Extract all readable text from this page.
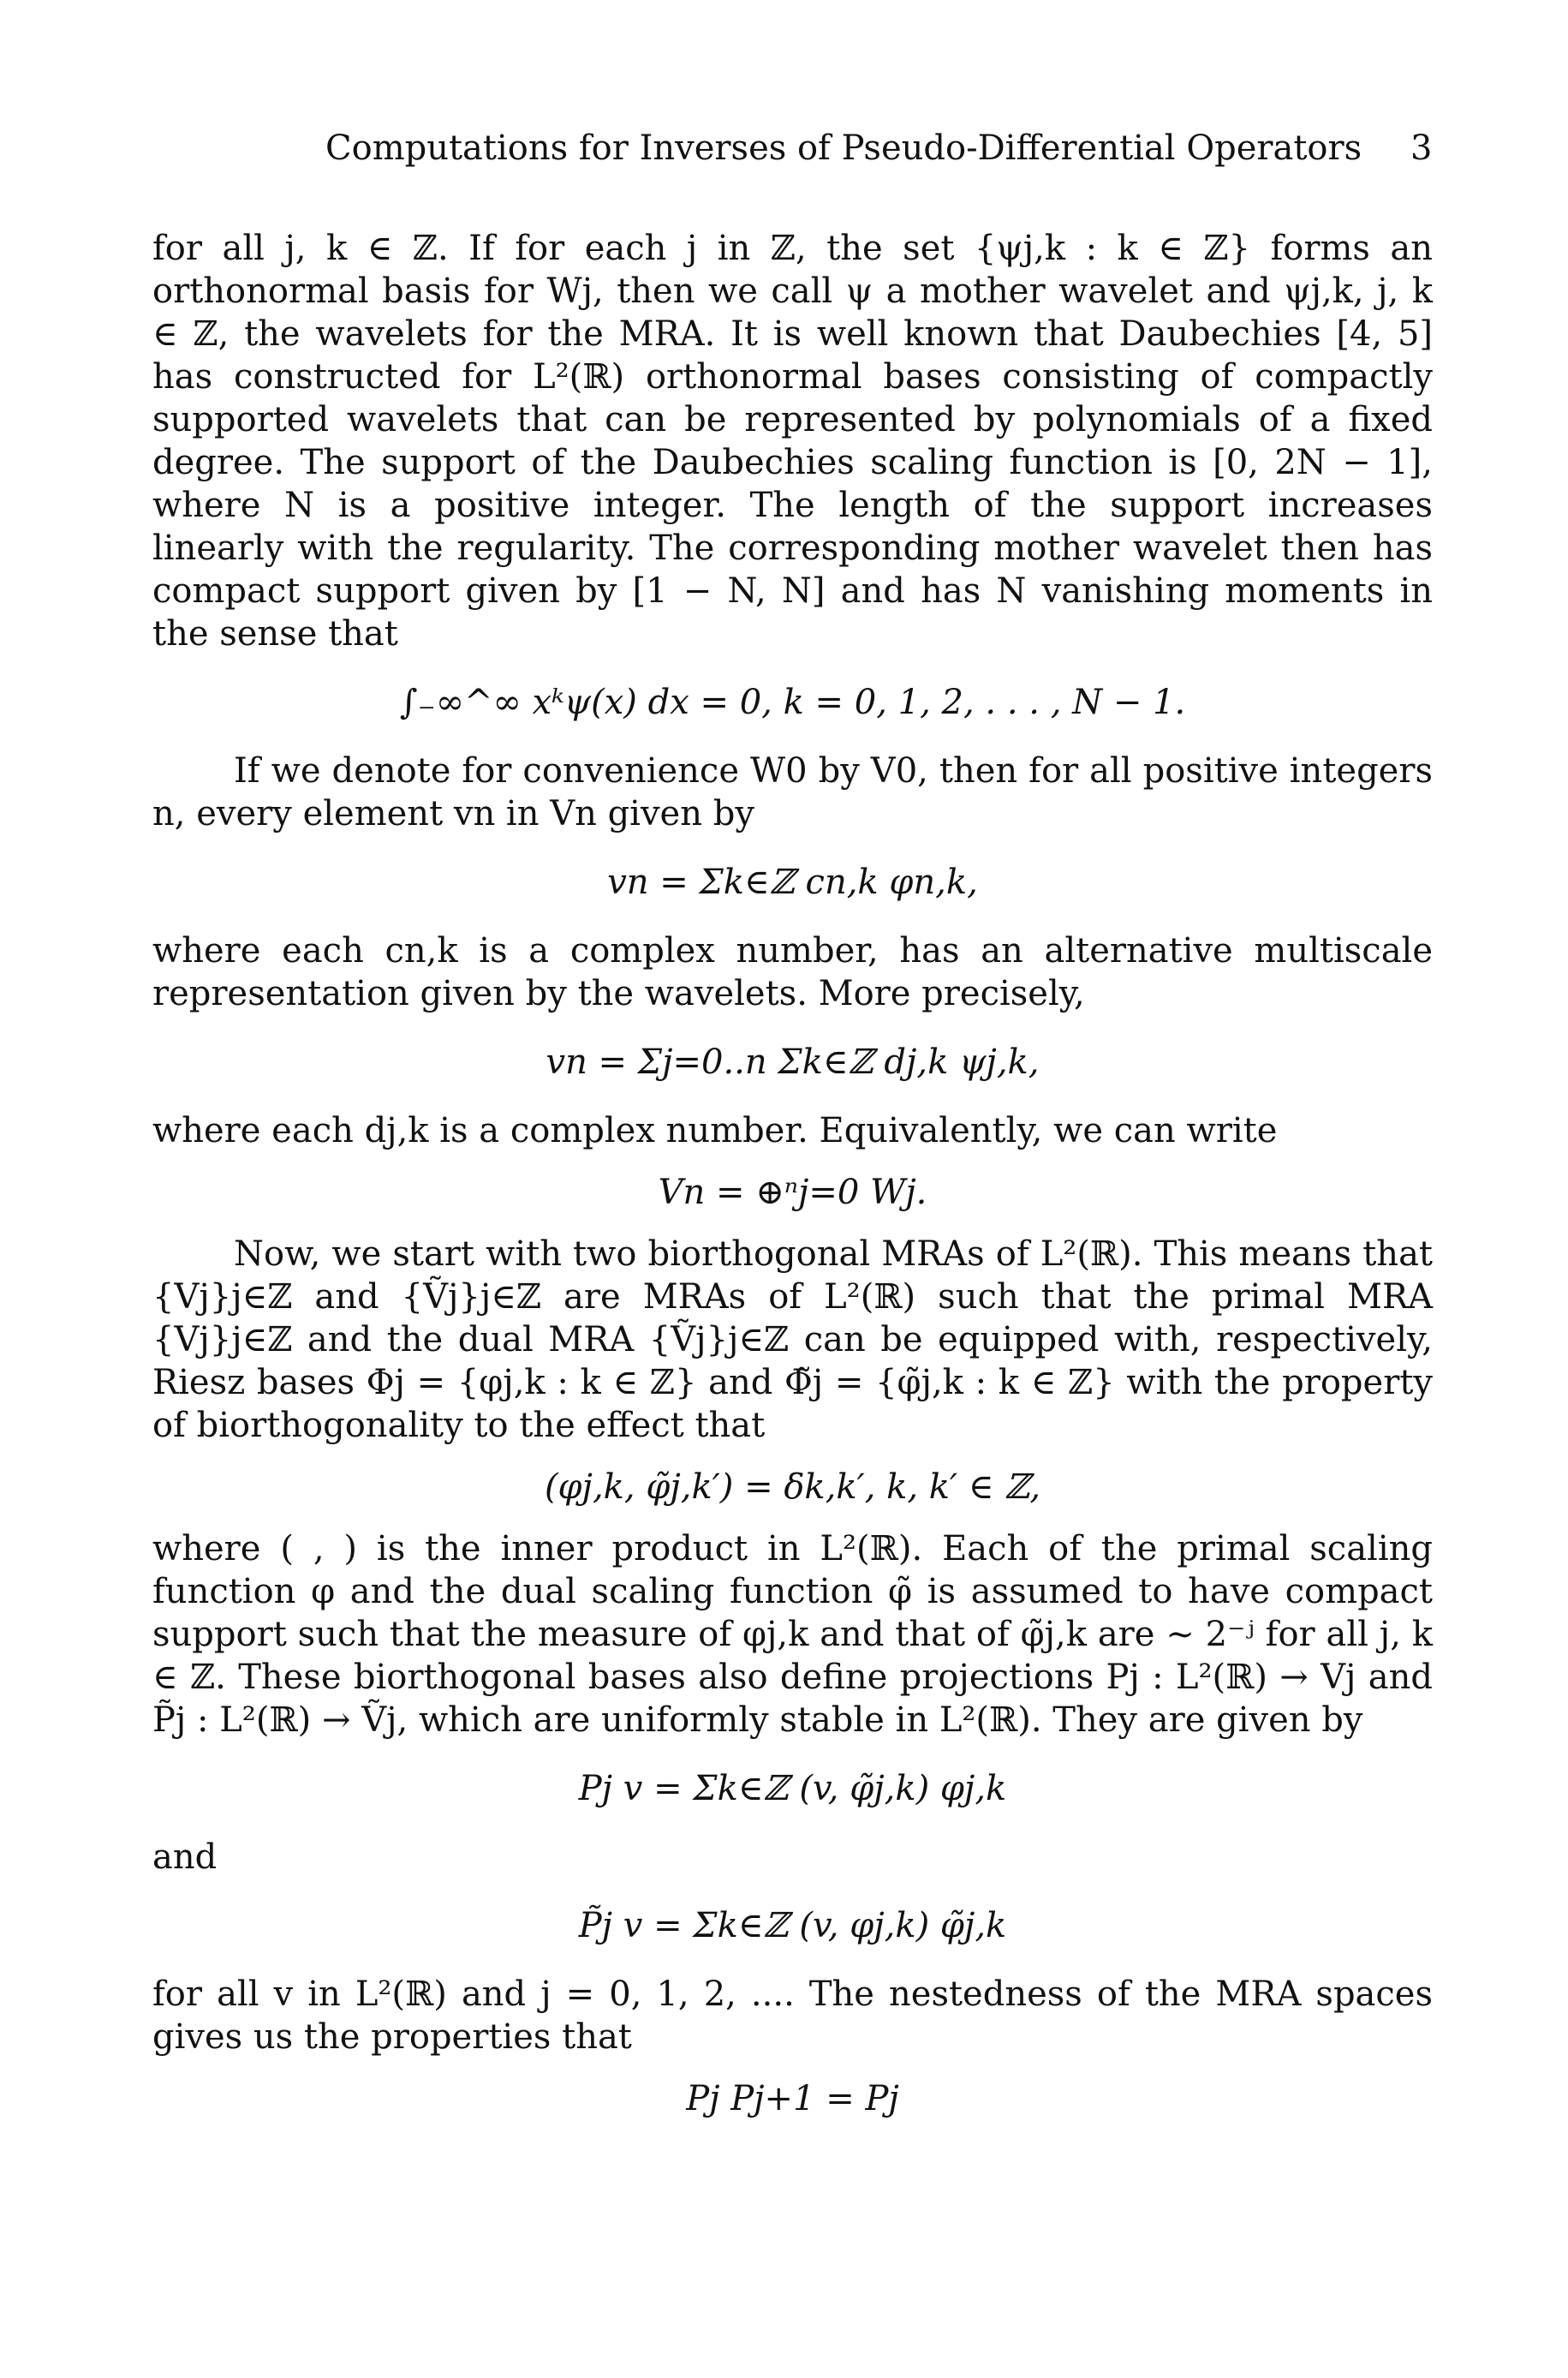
Computations for Inverses of Pseudo-Differential Operators 3

for all j, k ∈ ℤ. If for each j in ℤ, the set {ψj,k : k ∈ ℤ} forms an orthonormal basis for Wj, then we call ψ a mother wavelet and ψj,k, j, k ∈ ℤ, the wavelets for the MRA. It is well known that Daubechies [4, 5] has constructed for L²(ℝ) orthonormal bases consisting of compactly supported wavelets that can be represented by polynomials of a fixed degree. The support of the Daubechies scaling function is [0, 2N − 1], where N is a positive integer. The length of the support increases linearly with the regularity. The corresponding mother wavelet then has compact support given by [1 − N, N] and has N vanishing moments in the sense that

∫₋∞^∞ xᵏψ(x) dx = 0, k = 0, 1, 2, . . . , N − 1.

If we denote for convenience W0 by V0, then for all positive integers n, every element vn in Vn given by

vn = Σk∈ℤ cn,k φn,k,

where each cn,k is a complex number, has an alternative multiscale representation given by the wavelets. More precisely,

vn = Σj=0..n Σk∈ℤ dj,k ψj,k,

where each dj,k is a complex number. Equivalently, we can write

Vn = ⊕ⁿj=0 Wj.

Now, we start with two biorthogonal MRAs of L²(ℝ). This means that {Vj}j∈ℤ and {Ṽj}j∈ℤ are MRAs of L²(ℝ) such that the primal MRA {Vj}j∈ℤ and the dual MRA {Ṽj}j∈ℤ can be equipped with, respectively, Riesz bases Φj = {φj,k : k ∈ ℤ} and Φ̃j = {φ̃j,k : k ∈ ℤ} with the property of biorthogonality to the effect that

(φj,k, φ̃j,k′) = δk,k′, k, k′ ∈ ℤ,

where ( , ) is the inner product in L²(ℝ). Each of the primal scaling function φ and the dual scaling function φ̃ is assumed to have compact support such that the measure of φj,k and that of φ̃j,k are ∼ 2⁻ʲ for all j, k ∈ ℤ. These biorthogonal bases also define projections Pj : L²(ℝ) → Vj and P̃j : L²(ℝ) → Ṽj, which are uniformly stable in L²(ℝ). They are given by

Pj v = Σk∈ℤ (v, φ̃j,k) φj,k

and

P̃j v = Σk∈ℤ (v, φj,k) φ̃j,k

for all v in L²(ℝ) and j = 0, 1, 2, .... The nestedness of the MRA spaces gives us the properties that

Pj Pj+1 = Pj
